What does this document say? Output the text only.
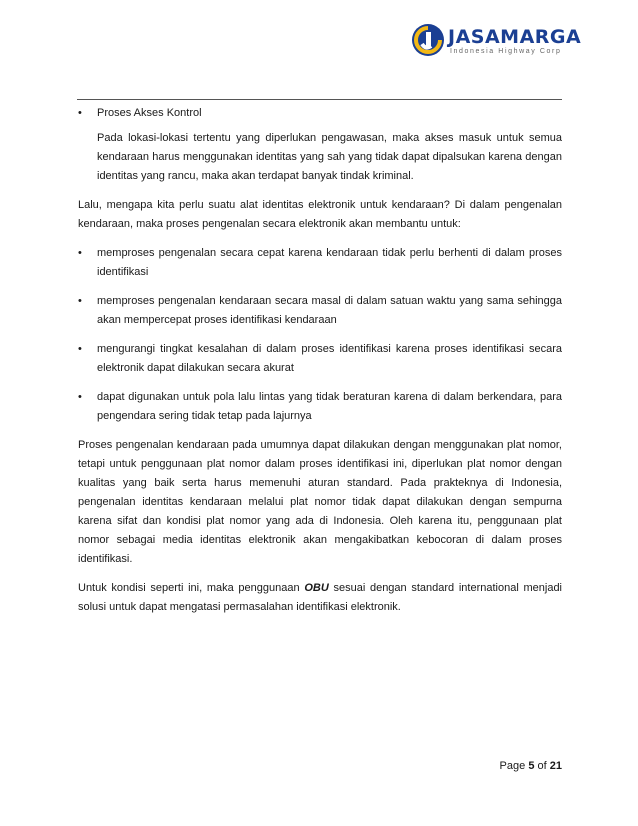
JASAMARGA
Indonesia Highway Corp
• Proses Akses Kontrol

Pada lokasi-lokasi tertentu yang diperlukan pengawasan, maka akses masuk untuk semua kendaraan harus menggunakan identitas yang sah yang tidak dapat dipalsukan karena dengan identitas yang rancu, maka akan terdapat banyak tindak kriminal.

Lalu, mengapa kita perlu suatu alat identitas elektronik untuk kendaraan? Di dalam pengenalan kendaraan, maka proses pengenalan secara elektronik akan membantu untuk:

• memproses pengenalan secara cepat karena kendaraan tidak perlu berhenti di dalam proses identifikasi

• memproses pengenalan kendaraan secara masal di dalam satuan waktu yang sama sehingga akan mempercepat proses identifikasi kendaraan

• mengurangi tingkat kesalahan di dalam proses identifikasi karena proses identifikasi secara elektronik dapat dilakukan secara akurat

• dapat digunakan untuk pola lalu lintas yang tidak beraturan karena di dalam berkendara, para pengendara sering tidak tetap pada lajurnya

Proses pengenalan kendaraan pada umumnya dapat dilakukan dengan menggunakan plat nomor, tetapi untuk penggunaan plat nomor dalam proses identifikasi ini, diperlukan plat nomor dengan kualitas yang baik serta harus memenuhi aturan standard. Pada prakteknya di Indonesia, pengenalan identitas kendaraan melalui plat nomor tidak dapat dilakukan dengan sempurna karena sifat dan kondisi plat nomor yang ada di Indonesia. Oleh karena itu, penggunaan plat nomor sebagai media identitas elektronik akan mengakibatkan kebocoran di dalam proses identifikasi.

Untuk kondisi seperti ini, maka penggunaan OBU sesuai dengan standard international menjadi solusi untuk dapat mengatasi permasalahan identifikasi elektronik.

Page 5 of 21
